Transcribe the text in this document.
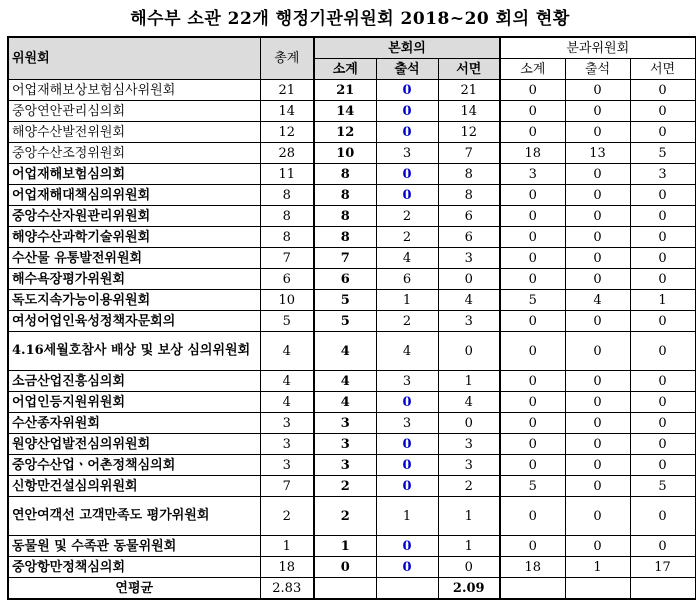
해수부 소관 22개 행정기관위원회 2018~20 회의 현황
위원회	총계	본회의			분과위원회		
		소계	출석	서면	소계	출석	서면
어업재해보상보험심사위원회	21	21	0	21	0	0	0
중앙연안관리심의회	14	14	0	14	0	0	0
해양수산발전위원회	12	12	0	12	0	0	0
중앙수산조정위원회	28	10	3	7	18	13	5
어업재해보험심의회	11	8	0	8	3	0	3
어업재해대책심의위원회	8	8	0	8	0	0	0
중앙수산자원관리위원회	8	8	2	6	0	0	0
해양수산과학기술위원회	8	8	2	6	0	0	0
수산물 유통발전위원회	7	7	4	3	0	0	0
해수욕장평가위원회	6	6	6	0	0	0	0
독도지속가능이용위원회	10	5	1	4	5	4	1
여성어업인육성정책자문회의	5	5	2	3	0	0	0
4.16세월호참사 배상 및 보상 심의위원회	4	4	4	0	0	0	0
소금산업진흥심의회	4	4	3	1	0	0	0
어업인등지원위원회	4	4	0	4	0	0	0
수산종자위원회	3	3	3	0	0	0	0
원양산업발전심의위원회	3	3	0	3	0	0	0
중앙수산업ㆍ어촌정책심의회	3	3	0	3	0	0	0
신항만건설심의위원회	7	2	0	2	5	0	5
연안여객선 고객만족도 평가위원회	2	2	1	1	0	0	0
동물원 및 수족관 동물위원회	1	1	0	1	0	0	0
중앙항만정책심의회	18	0	0	0	18	1	17
연평균	2.83			2.09			
